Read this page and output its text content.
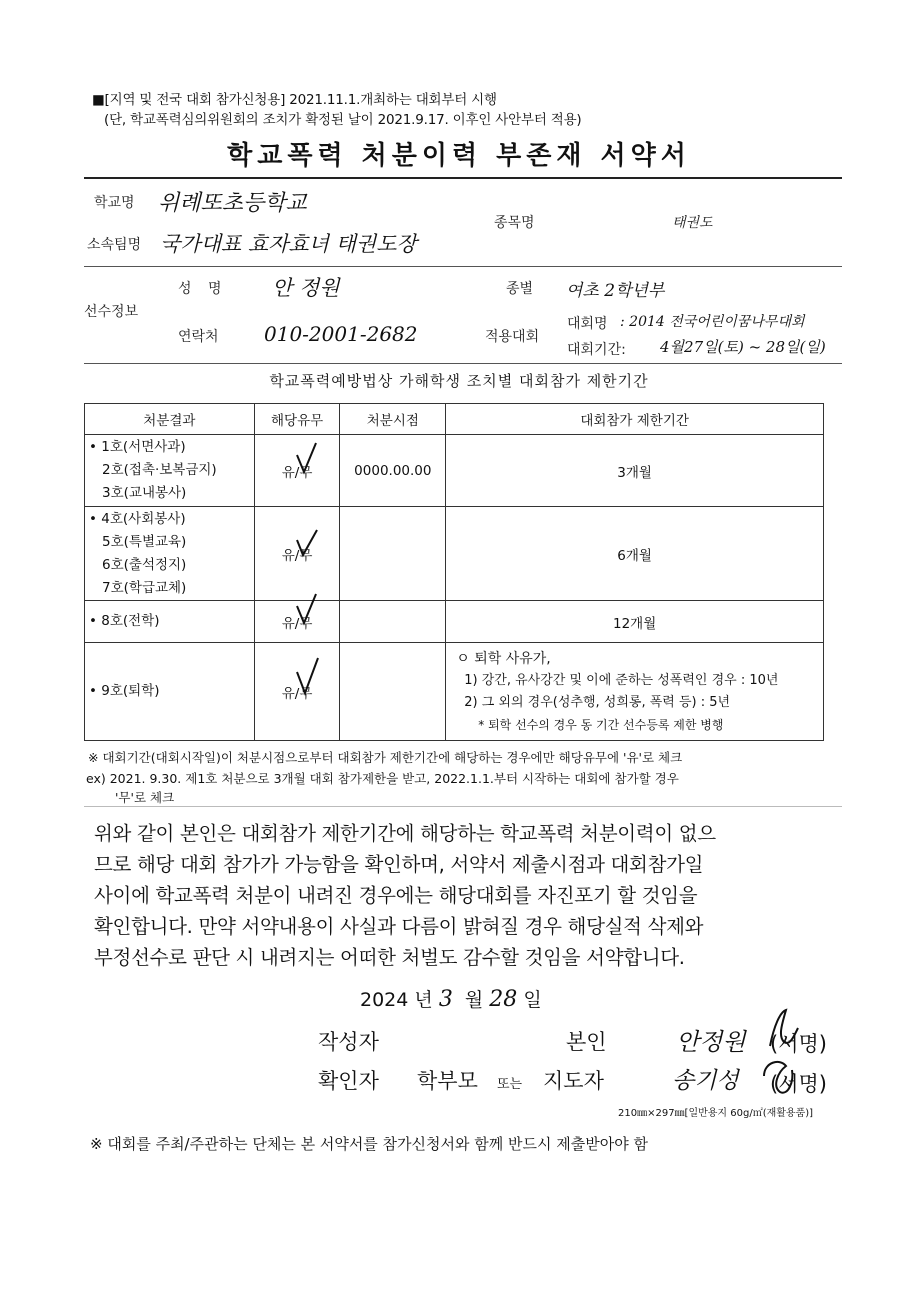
■[지역 및 전국 대회 참가신청용] 2021.11.1.개최하는 대회부터 시행
(단, 학교폭력심의위원회의 조치가 확정된 날이 2021.9.17. 이후인 사안부터 적용)
학교폭력 처분이력 부존재 서약서
학교명 위례또초등학교
소속팀명 국가대표 효자효녀 태권도장
종목명	태권도
선수정보
성 명 안 정원
연락처 010-2001-2682
종별 여초 2학년부
적용대회
대회명 : 2014 전국어린이꿈나무대회
대회기간: 4월27일(토) ~ 28일(일)
학교폭력예방법상 가해학생 조치별 대회참가 제한기간
처분결과	해당유무	처분시점	대회참가 제한기간

• 1호(서면사과)
2호(접촉·보복금지)
3호(교내봉사)	유/무	0000.00.00	3개월

• 4호(사회봉사)
5호(특별교육)
6호(출석정지)
7호(학급교체)	유/무		6개월

• 8호(전학)	유/무		12개월

• 9호(퇴학)	유/무		ㅇ 퇴학 사유가,
1) 강간, 유사강간 및 이에 준하는 성폭력인 경우 : 10년
2) 그 외의 경우(성추행, 성희롱, 폭력 등) : 5년
* 퇴학 선수의 경우 동 기간 선수등록 제한 병행
※ 대회기간(대회시작일)이 처분시점으로부터 대회참가 제한기간에 해당하는 경우에만 해당유무에 '유'로 체크
ex) 2021. 9.30. 제1호 처분으로 3개월 대회 참가제한을 받고, 2022.1.1.부터 시작하는 대회에 참가할 경우
'무'로 체크
위와 같이 본인은 대회참가 제한기간에 해당하는 학교폭력 처분이력이 없으
므로 해당 대회 참가가 가능함을 확인하며, 서약서 제출시점과 대회참가일
사이에 학교폭력 처분이 내려진 경우에는 해당대회를 자진포기 할 것임을
확인합니다. 만약 서약내용이 사실과 다름이 밝혀질 경우 해당실적 삭제와
부정선수로 판단 시 내려지는 어떠한 처벌도 감수할 것임을 서약합니다.
2024 년 3 월 28 일
작성자	본인	안정원 (서명)
확인자 학부모 또는 지도자	송기성 (서명)
210㎜×297㎜[일반용지 60g/㎡(재활용품)]
※ 대회를 주최/주관하는 단체는 본 서약서를 참가신청서와 함께 반드시 제출받아야 함
